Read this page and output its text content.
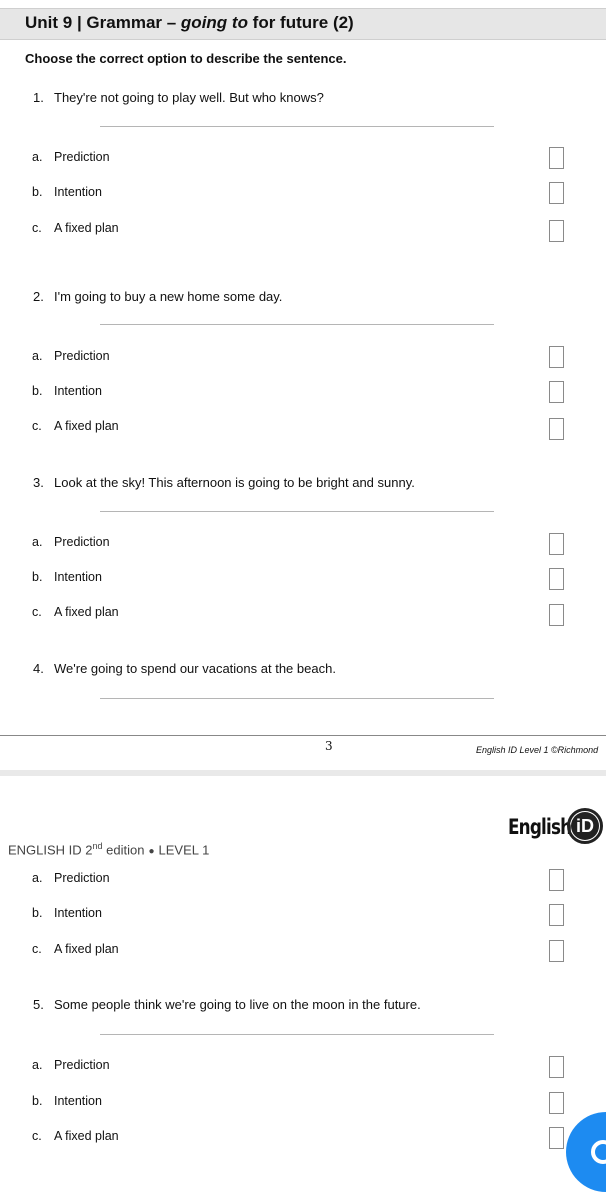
Unit 9 | Grammar – going to for future (2)
Choose the correct option to describe the sentence.
1. They're not going to play well. But who knows?
a. Prediction
b. Intention
c. A fixed plan
2. I'm going to buy a new home some day.
a. Prediction
b. Intention
c. A fixed plan
3. Look at the sky! This afternoon is going to be bright and sunny.
a. Prediction
b. Intention
c. A fixed plan
4. We're going to spend our vacations at the beach.
3	English ID Level 1 ©Richmond
English iD
ENGLISH ID 2nd edition ● LEVEL 1
a. Prediction
b. Intention
c. A fixed plan
5. Some people think we're going to live on the moon in the future.
a. Prediction
b. Intention
c. A fixed plan
